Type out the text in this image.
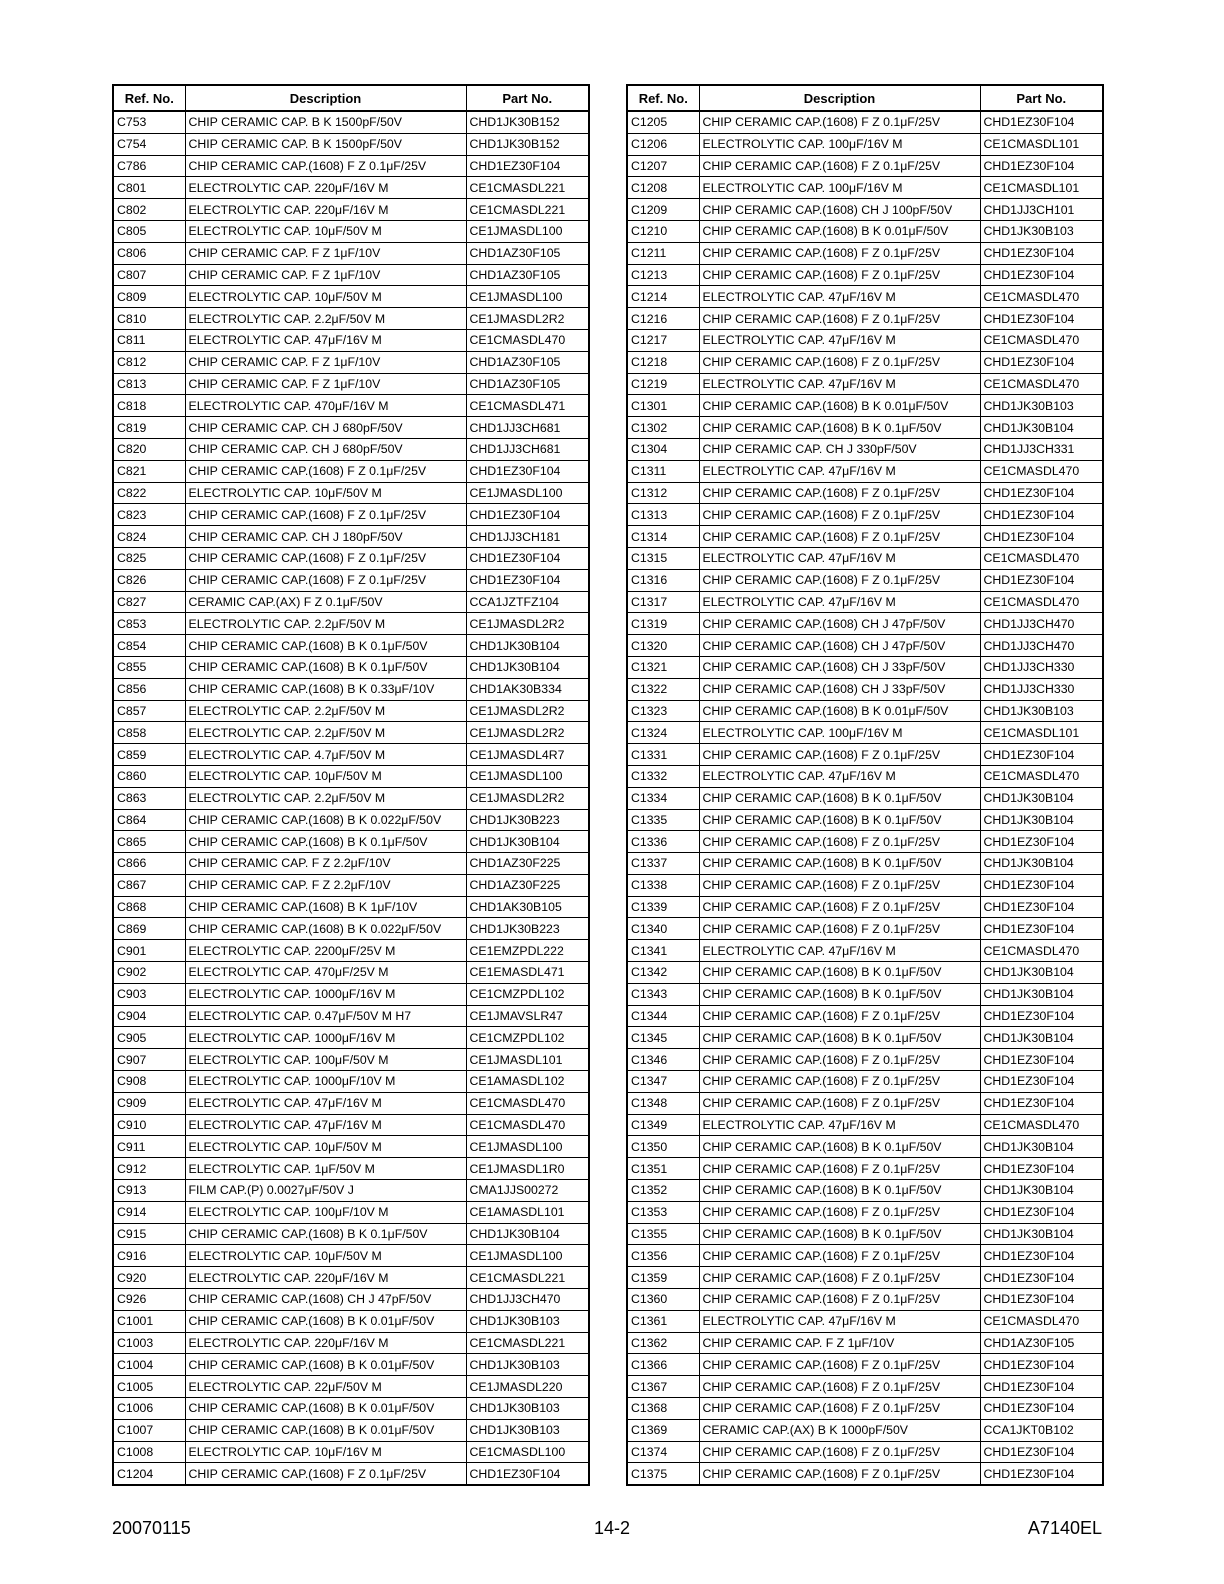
Ref. No.	Description	Part No.
C753	CHIP CERAMIC CAP. B K 1500pF/50V	CHD1JK30B152
C754	CHIP CERAMIC CAP. B K 1500pF/50V	CHD1JK30B152
C786	CHIP CERAMIC CAP.(1608) F Z 0.1μF/25V	CHD1EZ30F104
C801	ELECTROLYTIC CAP. 220μF/16V M	CE1CMASDL221
C802	ELECTROLYTIC CAP. 220μF/16V M	CE1CMASDL221
C805	ELECTROLYTIC CAP. 10μF/50V M	CE1JMASDL100
C806	CHIP CERAMIC CAP. F Z 1μF/10V	CHD1AZ30F105
C807	CHIP CERAMIC CAP. F Z 1μF/10V	CHD1AZ30F105
C809	ELECTROLYTIC CAP. 10μF/50V M	CE1JMASDL100
C810	ELECTROLYTIC CAP. 2.2μF/50V M	CE1JMASDL2R2
C811	ELECTROLYTIC CAP. 47μF/16V M	CE1CMASDL470
C812	CHIP CERAMIC CAP. F Z 1μF/10V	CHD1AZ30F105
C813	CHIP CERAMIC CAP. F Z 1μF/10V	CHD1AZ30F105
C818	ELECTROLYTIC CAP. 470μF/16V M	CE1CMASDL471
C819	CHIP CERAMIC CAP. CH J 680pF/50V	CHD1JJ3CH681
C820	CHIP CERAMIC CAP. CH J 680pF/50V	CHD1JJ3CH681
C821	CHIP CERAMIC CAP.(1608) F Z 0.1μF/25V	CHD1EZ30F104
C822	ELECTROLYTIC CAP. 10μF/50V M	CE1JMASDL100
C823	CHIP CERAMIC CAP.(1608) F Z 0.1μF/25V	CHD1EZ30F104
C824	CHIP CERAMIC CAP. CH J 180pF/50V	CHD1JJ3CH181
C825	CHIP CERAMIC CAP.(1608) F Z 0.1μF/25V	CHD1EZ30F104
C826	CHIP CERAMIC CAP.(1608) F Z 0.1μF/25V	CHD1EZ30F104
C827	CERAMIC CAP.(AX) F Z 0.1μF/50V	CCA1JZTFZ104
C853	ELECTROLYTIC CAP. 2.2μF/50V M	CE1JMASDL2R2
C854	CHIP CERAMIC CAP.(1608) B K 0.1μF/50V	CHD1JK30B104
C855	CHIP CERAMIC CAP.(1608) B K 0.1μF/50V	CHD1JK30B104
C856	CHIP CERAMIC CAP.(1608) B K 0.33μF/10V	CHD1AK30B334
C857	ELECTROLYTIC CAP. 2.2μF/50V M	CE1JMASDL2R2
C858	ELECTROLYTIC CAP. 2.2μF/50V M	CE1JMASDL2R2
C859	ELECTROLYTIC CAP. 4.7μF/50V M	CE1JMASDL4R7
C860	ELECTROLYTIC CAP. 10μF/50V M	CE1JMASDL100
C863	ELECTROLYTIC CAP. 2.2μF/50V M	CE1JMASDL2R2
C864	CHIP CERAMIC CAP.(1608) B K 0.022μF/50V	CHD1JK30B223
C865	CHIP CERAMIC CAP.(1608) B K 0.1μF/50V	CHD1JK30B104
C866	CHIP CERAMIC CAP. F Z 2.2μF/10V	CHD1AZ30F225
C867	CHIP CERAMIC CAP. F Z 2.2μF/10V	CHD1AZ30F225
C868	CHIP CERAMIC CAP.(1608) B K 1μF/10V	CHD1AK30B105
C869	CHIP CERAMIC CAP.(1608) B K 0.022μF/50V	CHD1JK30B223
C901	ELECTROLYTIC CAP. 2200μF/25V M	CE1EMZPDL222
C902	ELECTROLYTIC CAP. 470μF/25V M	CE1EMASDL471
C903	ELECTROLYTIC CAP. 1000μF/16V M	CE1CMZPDL102
C904	ELECTROLYTIC CAP. 0.47μF/50V M H7	CE1JMAVSLR47
C905	ELECTROLYTIC CAP. 1000μF/16V M	CE1CMZPDL102
C907	ELECTROLYTIC CAP. 100μF/50V M	CE1JMASDL101
C908	ELECTROLYTIC CAP. 1000μF/10V M	CE1AMASDL102
C909	ELECTROLYTIC CAP. 47μF/16V M	CE1CMASDL470
C910	ELECTROLYTIC CAP. 47μF/16V M	CE1CMASDL470
C911	ELECTROLYTIC CAP. 10μF/50V M	CE1JMASDL100
C912	ELECTROLYTIC CAP. 1μF/50V M	CE1JMASDL1R0
C913	FILM CAP.(P) 0.0027μF/50V J	CMA1JJS00272
C914	ELECTROLYTIC CAP. 100μF/10V M	CE1AMASDL101
C915	CHIP CERAMIC CAP.(1608) B K 0.1μF/50V	CHD1JK30B104
C916	ELECTROLYTIC CAP. 10μF/50V M	CE1JMASDL100
C920	ELECTROLYTIC CAP. 220μF/16V M	CE1CMASDL221
C926	CHIP CERAMIC CAP.(1608) CH J 47pF/50V	CHD1JJ3CH470
C1001	CHIP CERAMIC CAP.(1608) B K 0.01μF/50V	CHD1JK30B103
C1003	ELECTROLYTIC CAP. 220μF/16V M	CE1CMASDL221
C1004	CHIP CERAMIC CAP.(1608) B K 0.01μF/50V	CHD1JK30B103
C1005	ELECTROLYTIC CAP. 22μF/50V M	CE1JMASDL220
C1006	CHIP CERAMIC CAP.(1608) B K 0.01μF/50V	CHD1JK30B103
C1007	CHIP CERAMIC CAP.(1608) B K 0.01μF/50V	CHD1JK30B103
C1008	ELECTROLYTIC CAP. 10μF/16V M	CE1CMASDL100
C1204	CHIP CERAMIC CAP.(1608) F Z 0.1μF/25V	CHD1EZ30F104
Ref. No.	Description	Part No.
C1205	CHIP CERAMIC CAP.(1608) F Z 0.1μF/25V	CHD1EZ30F104
C1206	ELECTROLYTIC CAP. 100μF/16V M	CE1CMASDL101
C1207	CHIP CERAMIC CAP.(1608) F Z 0.1μF/25V	CHD1EZ30F104
C1208	ELECTROLYTIC CAP. 100μF/16V M	CE1CMASDL101
C1209	CHIP CERAMIC CAP.(1608) CH J 100pF/50V	CHD1JJ3CH101
C1210	CHIP CERAMIC CAP.(1608) B K 0.01μF/50V	CHD1JK30B103
C1211	CHIP CERAMIC CAP.(1608) F Z 0.1μF/25V	CHD1EZ30F104
C1213	CHIP CERAMIC CAP.(1608) F Z 0.1μF/25V	CHD1EZ30F104
C1214	ELECTROLYTIC CAP. 47μF/16V M	CE1CMASDL470
C1216	CHIP CERAMIC CAP.(1608) F Z 0.1μF/25V	CHD1EZ30F104
C1217	ELECTROLYTIC CAP. 47μF/16V M	CE1CMASDL470
C1218	CHIP CERAMIC CAP.(1608) F Z 0.1μF/25V	CHD1EZ30F104
C1219	ELECTROLYTIC CAP. 47μF/16V M	CE1CMASDL470
C1301	CHIP CERAMIC CAP.(1608) B K 0.01μF/50V	CHD1JK30B103
C1302	CHIP CERAMIC CAP.(1608) B K 0.1μF/50V	CHD1JK30B104
C1304	CHIP CERAMIC CAP. CH J 330pF/50V	CHD1JJ3CH331
C1311	ELECTROLYTIC CAP. 47μF/16V M	CE1CMASDL470
C1312	CHIP CERAMIC CAP.(1608) F Z 0.1μF/25V	CHD1EZ30F104
C1313	CHIP CERAMIC CAP.(1608) F Z 0.1μF/25V	CHD1EZ30F104
C1314	CHIP CERAMIC CAP.(1608) F Z 0.1μF/25V	CHD1EZ30F104
C1315	ELECTROLYTIC CAP. 47μF/16V M	CE1CMASDL470
C1316	CHIP CERAMIC CAP.(1608) F Z 0.1μF/25V	CHD1EZ30F104
C1317	ELECTROLYTIC CAP. 47μF/16V M	CE1CMASDL470
C1319	CHIP CERAMIC CAP.(1608) CH J 47pF/50V	CHD1JJ3CH470
C1320	CHIP CERAMIC CAP.(1608) CH J 47pF/50V	CHD1JJ3CH470
C1321	CHIP CERAMIC CAP.(1608) CH J 33pF/50V	CHD1JJ3CH330
C1322	CHIP CERAMIC CAP.(1608) CH J 33pF/50V	CHD1JJ3CH330
C1323	CHIP CERAMIC CAP.(1608) B K 0.01μF/50V	CHD1JK30B103
C1324	ELECTROLYTIC CAP. 100μF/16V M	CE1CMASDL101
C1331	CHIP CERAMIC CAP.(1608) F Z 0.1μF/25V	CHD1EZ30F104
C1332	ELECTROLYTIC CAP. 47μF/16V M	CE1CMASDL470
C1334	CHIP CERAMIC CAP.(1608) B K 0.1μF/50V	CHD1JK30B104
C1335	CHIP CERAMIC CAP.(1608) B K 0.1μF/50V	CHD1JK30B104
C1336	CHIP CERAMIC CAP.(1608) F Z 0.1μF/25V	CHD1EZ30F104
C1337	CHIP CERAMIC CAP.(1608) B K 0.1μF/50V	CHD1JK30B104
C1338	CHIP CERAMIC CAP.(1608) F Z 0.1μF/25V	CHD1EZ30F104
C1339	CHIP CERAMIC CAP.(1608) F Z 0.1μF/25V	CHD1EZ30F104
C1340	CHIP CERAMIC CAP.(1608) F Z 0.1μF/25V	CHD1EZ30F104
C1341	ELECTROLYTIC CAP. 47μF/16V M	CE1CMASDL470
C1342	CHIP CERAMIC CAP.(1608) B K 0.1μF/50V	CHD1JK30B104
C1343	CHIP CERAMIC CAP.(1608) B K 0.1μF/50V	CHD1JK30B104
C1344	CHIP CERAMIC CAP.(1608) F Z 0.1μF/25V	CHD1EZ30F104
C1345	CHIP CERAMIC CAP.(1608) B K 0.1μF/50V	CHD1JK30B104
C1346	CHIP CERAMIC CAP.(1608) F Z 0.1μF/25V	CHD1EZ30F104
C1347	CHIP CERAMIC CAP.(1608) F Z 0.1μF/25V	CHD1EZ30F104
C1348	CHIP CERAMIC CAP.(1608) F Z 0.1μF/25V	CHD1EZ30F104
C1349	ELECTROLYTIC CAP. 47μF/16V M	CE1CMASDL470
C1350	CHIP CERAMIC CAP.(1608) B K 0.1μF/50V	CHD1JK30B104
C1351	CHIP CERAMIC CAP.(1608) F Z 0.1μF/25V	CHD1EZ30F104
C1352	CHIP CERAMIC CAP.(1608) B K 0.1μF/50V	CHD1JK30B104
C1353	CHIP CERAMIC CAP.(1608) F Z 0.1μF/25V	CHD1EZ30F104
C1355	CHIP CERAMIC CAP.(1608) B K 0.1μF/50V	CHD1JK30B104
C1356	CHIP CERAMIC CAP.(1608) F Z 0.1μF/25V	CHD1EZ30F104
C1359	CHIP CERAMIC CAP.(1608) F Z 0.1μF/25V	CHD1EZ30F104
C1360	CHIP CERAMIC CAP.(1608) F Z 0.1μF/25V	CHD1EZ30F104
C1361	ELECTROLYTIC CAP. 47μF/16V M	CE1CMASDL470
C1362	CHIP CERAMIC CAP. F Z 1μF/10V	CHD1AZ30F105
C1366	CHIP CERAMIC CAP.(1608) F Z 0.1μF/25V	CHD1EZ30F104
C1367	CHIP CERAMIC CAP.(1608) F Z 0.1μF/25V	CHD1EZ30F104
C1368	CHIP CERAMIC CAP.(1608) F Z 0.1μF/25V	CHD1EZ30F104
C1369	CERAMIC CAP.(AX) B K 1000pF/50V	CCA1JKT0B102
C1374	CHIP CERAMIC CAP.(1608) F Z 0.1μF/25V	CHD1EZ30F104
C1375	CHIP CERAMIC CAP.(1608) F Z 0.1μF/25V	CHD1EZ30F104
20070115	14-2	A7140EL
